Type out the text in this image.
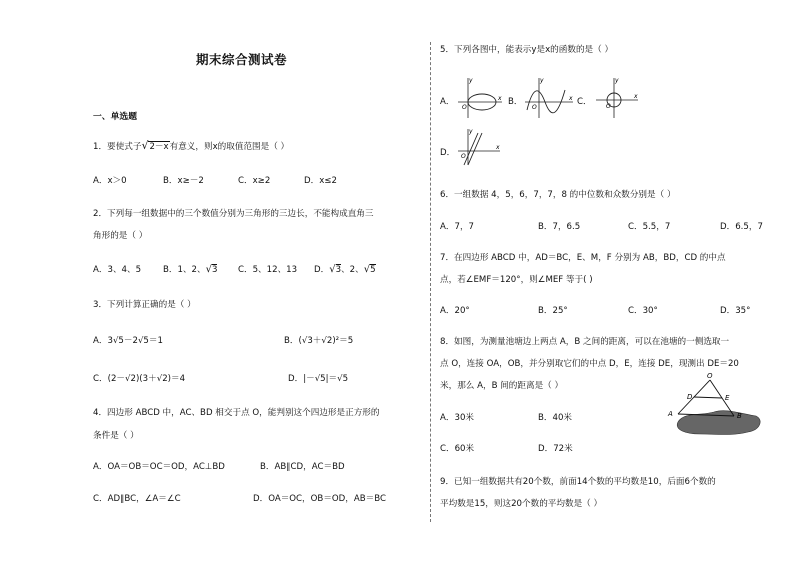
期末综合测试卷
一、单选题
1．要使式子√2－x有意义，则x的取值范围是（ ）
A．x＞0	B．x≥－2	C．x≥2	D．x≤2
2．下列每一组数据中的三个数值分别为三角形的三边长，不能构成直角三
角形的是（ ）
A．3、4、5	B．1、2、√3 C．5、12、13 D．√3、2、√5
3．下列计算正确的是（ ）
A．3√5－2√5＝1	B．(√3＋√2)²＝5
C．(2－√2)(3＋√2)＝4	D．|－√5|＝√5
4．四边形 ABCD 中，AC、BD 相交于点 O，能判别这个四边形是正方形的
条件是（ ）
A．OA＝OB＝OC＝OD，AC⊥BD	B．AB∥CD，AC＝BD
C．AD∥BC，∠A＝∠C	D．OA＝OC，OB＝OD，AB＝BC
5．下列各图中，能表示y是x的函数的是（ ）
A．	B．	C．
D．
y
x
O
y
x
O
y
x
O
y
x
O
6．一组数据 4，5，6，7，7，8 的中位数和众数分别是（ ）
A．7，7	B．7，6.5	C．5.5，7	D．6.5，7
7．在四边形 ABCD 中，AD＝BC，E、M，F 分别为 AB，BD，CD 的中点
点，若∠EMF＝120°，则∠MEF 等于( )
A．20°	B．25°	C．30°	D．35°
8．如图，为测量池塘边上两点 A，B 之间的距离，可以在池塘的一侧选取一
点 O，连接 OA，OB，并分别取它们的中点 D，E，连接 DE，现测出 DE＝20
米，那么 A，B 间的距离是（ ）
A．30米	B．40米
C．60米	D．72米
O
A	B
D	E
9．已知一组数据共有20个数，前面14个数的平均数是10，后面6个数的
平均数是15，则这20个数的平均数是（ ）
